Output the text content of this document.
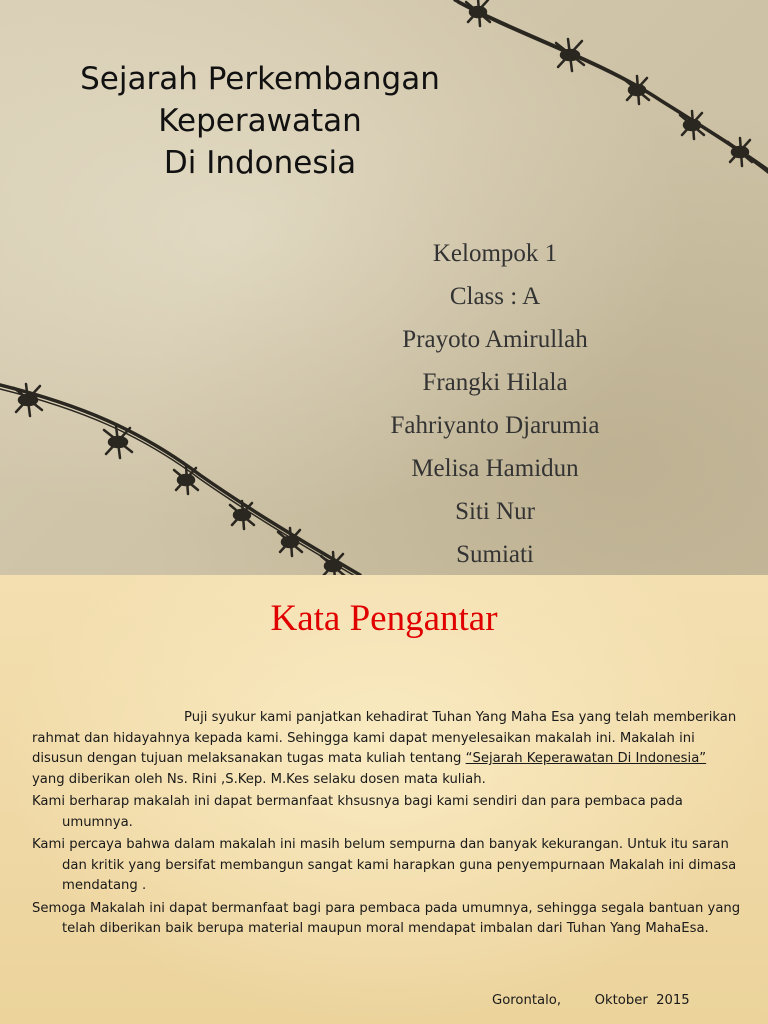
Sejarah Perkembangan
Keperawatan
Di Indonesia
Kelompok 1
Class : A
Prayoto Amirullah
Frangki Hilala
Fahriyanto Djarumia
Melisa Hamidun
Siti Nur
Sumiati
Kata Pengantar

Puji syukur kami panjatkan kehadirat Tuhan Yang Maha Esa yang telah memberikan rahmat dan hidayahnya kepada kami. Sehingga kami dapat menyelesaikan makalah ini. Makalah ini disusun dengan tujuan melaksanakan tugas mata kuliah tentang “Sejarah Keperawatan Di Indonesia” yang diberikan oleh Ns. Rini ,S.Kep. M.Kes selaku dosen mata kuliah.

Kami berharap makalah ini dapat bermanfaat khsusnya bagi kami sendiri dan para pembaca pada umumnya.

Kami percaya bahwa dalam makalah ini masih belum sempurna dan banyak kekurangan. Untuk itu saran dan kritik yang bersifat membangun sangat kami harapkan guna penyempurnaan Makalah ini dimasa mendatang .

Semoga Makalah ini dapat bermanfaat bagi para pembaca pada umumnya, sehingga segala bantuan yang telah diberikan baik berupa material maupun moral mendapat imbalan dari Tuhan Yang MahaEsa.

Gorontalo,	Oktober  2015
